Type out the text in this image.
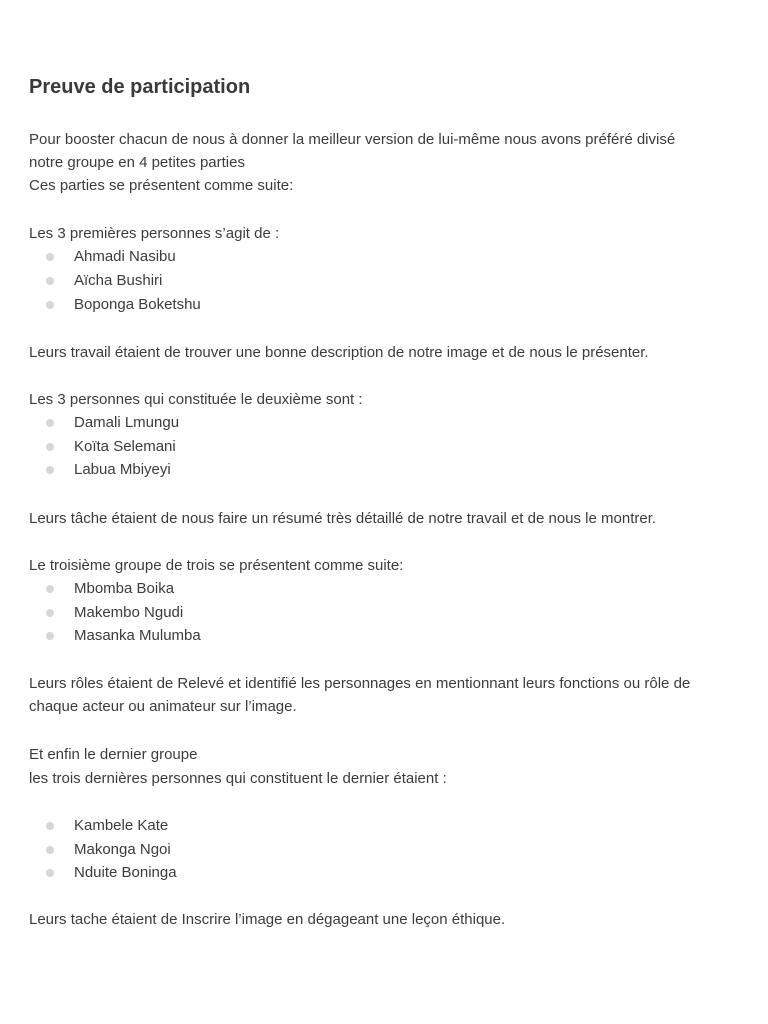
Preuve de participation

Pour booster chacun de nous à donner la meilleur version de lui-même nous avons préféré divisé

notre groupe en 4 petites parties

Ces parties se présentent comme suite:

Les 3 premières personnes s’agit de :

Ahmadi Nasibu
Aïcha Bushiri
Boponga Boketshu

Leurs travail étaient de trouver une bonne description de notre image et de nous le présenter.

Les 3 personnes qui constituée le deuxième sont :

Damali Lmungu
Koïta Selemani
Labua Mbiyeyi

Leurs tâche étaient de nous faire un résumé très détaillé de notre travail et de nous le montrer.

Le troisième groupe de trois se présentent comme suite:

Mbomba Boika
Makembo Ngudi
Masanka Mulumba

Leurs rôles étaient de Relevé et identifié les personnages en mentionnant leurs fonctions ou rôle de

chaque acteur ou animateur sur l’image.

Et enfin le dernier groupe

les trois dernières personnes qui constituent le dernier étaient :

Kambele Kate
Makonga Ngoi
Nduite Boninga

Leurs tache étaient de Inscrire l’image en dégageant une leçon éthique.
